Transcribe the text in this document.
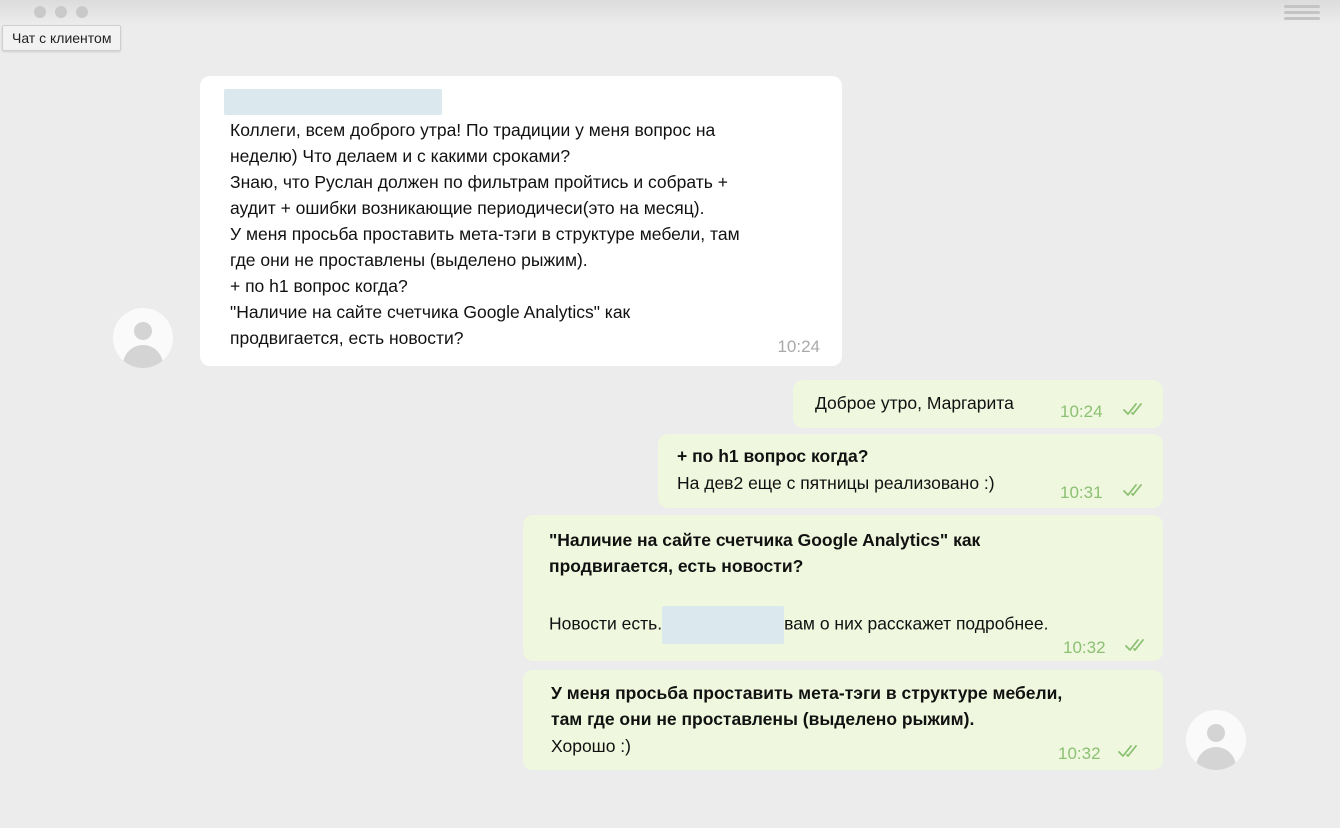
Чат с клиентом
Коллеги, всем доброго утра! По традиции у меня вопрос на
неделю) Что делаем и с какими сроками?
Знаю, что Руслан должен по фильтрам пройтись и собрать +
аудит + ошибки возникающие периодичеси(это на месяц).
У меня просьба проставить мета-тэги в структуре мебели, там
где они не проставлены (выделено рыжим).
+ по h1 вопрос когда?
"Наличие на сайте счетчика Google Analytics" как
продвигается, есть новости?	10:24
Доброе утро, Маргарита	10:24
+ по h1 вопрос когда?
На дев2 еще с пятницы реализовано :)	10:31
"Наличие на сайте счетчика Google Analytics" как
продвигается, есть новости?
Новости есть.	вам о них расскажет подробнее.
10:32
У меня просьба проставить мета-тэги в структуре мебели,
там где они не проставлены (выделено рыжим).
Хорошо :)	10:32
